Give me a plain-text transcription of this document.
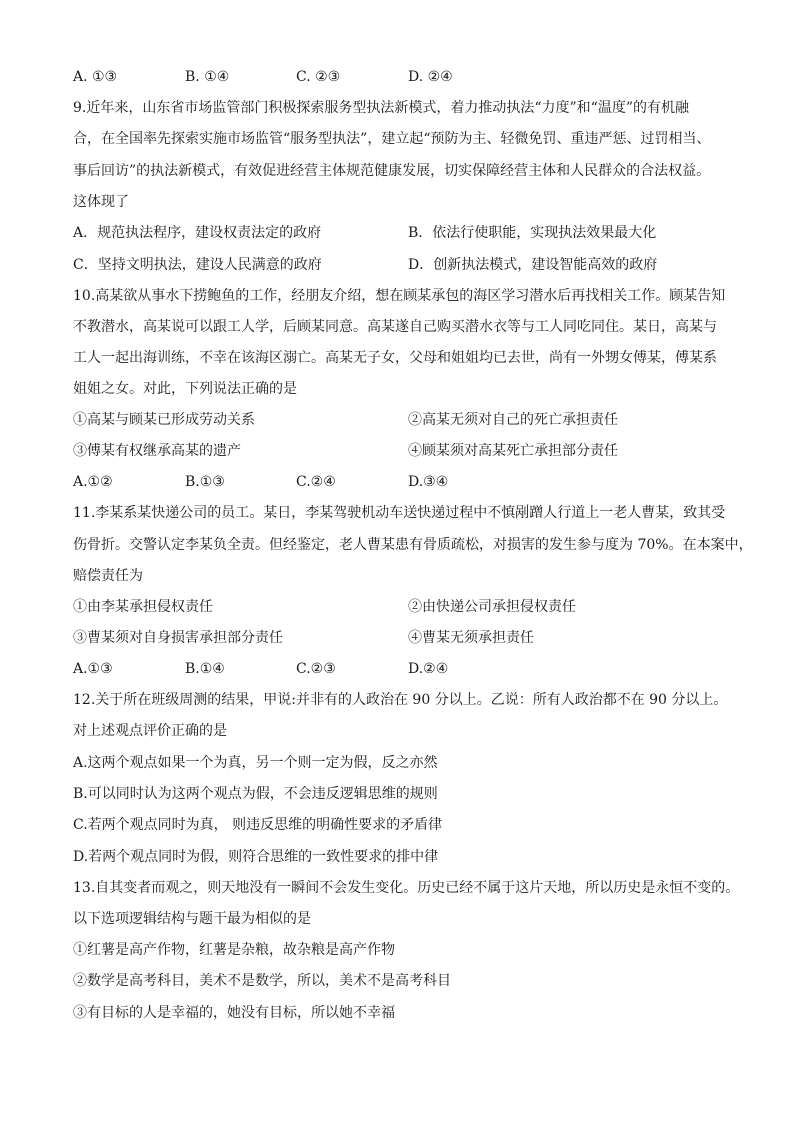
A. ①③	B. ①④	C. ②③	D. ②④
9.近年来，山东省市场监管部门积极探索服务型执法新模式，着力推动执法“力度”和“温度”的有机融
合，在全国率先探索实施市场监管“服务型执法”，建立起“预防为主、轻微免罚、重违严惩、过罚相当、
事后回访”的执法新模式，有效促进经营主体规范健康发展，切实保障经营主体和人民群众的合法权益。
这体现了
A．规范执法程序，建设权责法定的政府	B．依法行使职能，实现执法效果最大化
C．坚持文明执法，建设人民满意的政府	D．创新执法模式，建设智能高效的政府
10.高某欲从事水下捞鲍鱼的工作，经朋友介绍，想在顾某承包的海区学习潜水后再找相关工作。顾某告知
不教潜水，高某说可以跟工人学，后顾某同意。高某遂自己购买潜水衣等与工人同吃同住。某日，高某与
工人一起出海训练，不幸在该海区溺亡。高某无子女，父母和姐姐均已去世，尚有一外甥女傅某，傅某系
姐姐之女。对此，下列说法正确的是
①高某与顾某已形成劳动关系	②高某无须对自己的死亡承担责任
③傅某有权继承高某的遗产	④顾某须对高某死亡承担部分责任
A.①②	B.①③	C.②④	D.③④
11.李某系某快递公司的员工。某日，李某驾驶机动车送快递过程中不慎剐蹭人行道上一老人曹某，致其受
伤骨折。交警认定李某负全责。但经鉴定，老人曹某患有骨质疏松，对损害的发生参与度为 70%。在本案中，
赔偿责任为
①由李某承担侵权责任	②由快递公司承担侵权责任
③曹某须对自身损害承担部分责任	④曹某无须承担责任
A.①③	B.①④	C.②③	D.②④
12.关于所在班级周测的结果，甲说:并非有的人政治在 90 分以上。乙说：所有人政治都不在 90 分以上。
对上述观点评价正确的是
A.这两个观点如果一个为真，另一个则一定为假，反之亦然
B.可以同时认为这两个观点为假，不会违反逻辑思维的规则
C.若两个观点同时为真， 则违反思维的明确性要求的矛盾律
D.若两个观点同时为假，则符合思维的一致性要求的排中律
13.自其变者而观之，则天地没有一瞬间不会发生变化。历史已经不属于这片天地，所以历史是永恒不变的。
以下选项逻辑结构与题干最为相似的是
①红薯是高产作物，红薯是杂粮，故杂粮是高产作物
②数学是高考科目，美术不是数学，所以，美术不是高考科目
③有目标的人是幸福的，她没有目标，所以她不幸福
